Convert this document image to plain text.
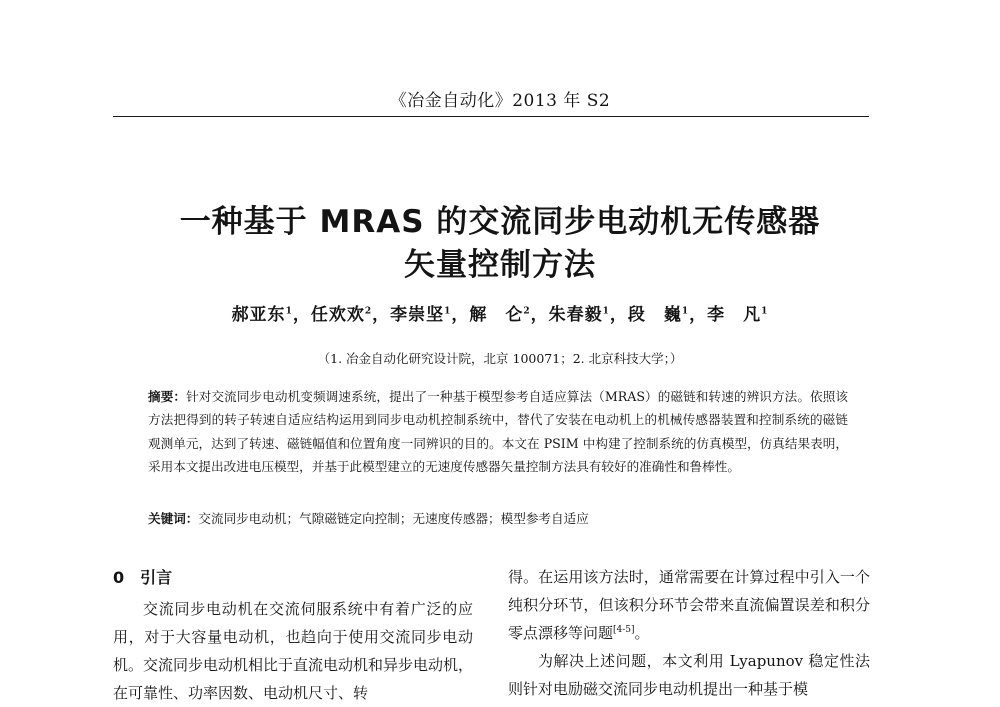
《冶金自动化》2013 年 S2
一种基于 MRAS 的交流同步电动机无传感器
矢量控制方法
郝亚东$^1$，任欢欢$^2$，李崇坚$^1$，解　仑$^2$，朱春毅$^1$，段　巍$^1$，李　凡$^1$
（1. 冶金自动化研究设计院，北京 100071；2. 北京科技大学；）
摘要：针对交流同步电动机变频调速系统，提出了一种基于模型参考自适应算法（MRAS）的磁链和转速的辨识方法。依照该方法把得到的转子转速自适应结构运用到同步电动机控制系统中，替代了安装在电动机上的机械传感器装置和控制系统的磁链观测单元，达到了转速、磁链幅值和位置角度一同辨识的目的。本文在 PSIM 中构建了控制系统的仿真模型，仿真结果表明，采用本文提出改进电压模型，并基于此模型建立的无速度传感器矢量控制方法具有较好的准确性和鲁棒性。
关键词：交流同步电动机；气隙磁链定向控制；无速度传感器；模型参考自适应
0 引言

交流同步电动机在交流伺服系统中有着广泛的应用，对于大容量电动机，也趋向于使用交流同步电动机。交流同步电动机相比于直流电动机和异步电动机，在可靠性、功率因数、电动机尺寸、转

得。在运用该方法时，通常需要在计算过程中引入一个纯积分环节，但该积分环节会带来直流偏置误差和积分零点漂移等问题[4-5]。

为解决上述问题，本文利用 Lyapunov 稳定性法则针对电励磁交流同步电动机提出一种基于模
